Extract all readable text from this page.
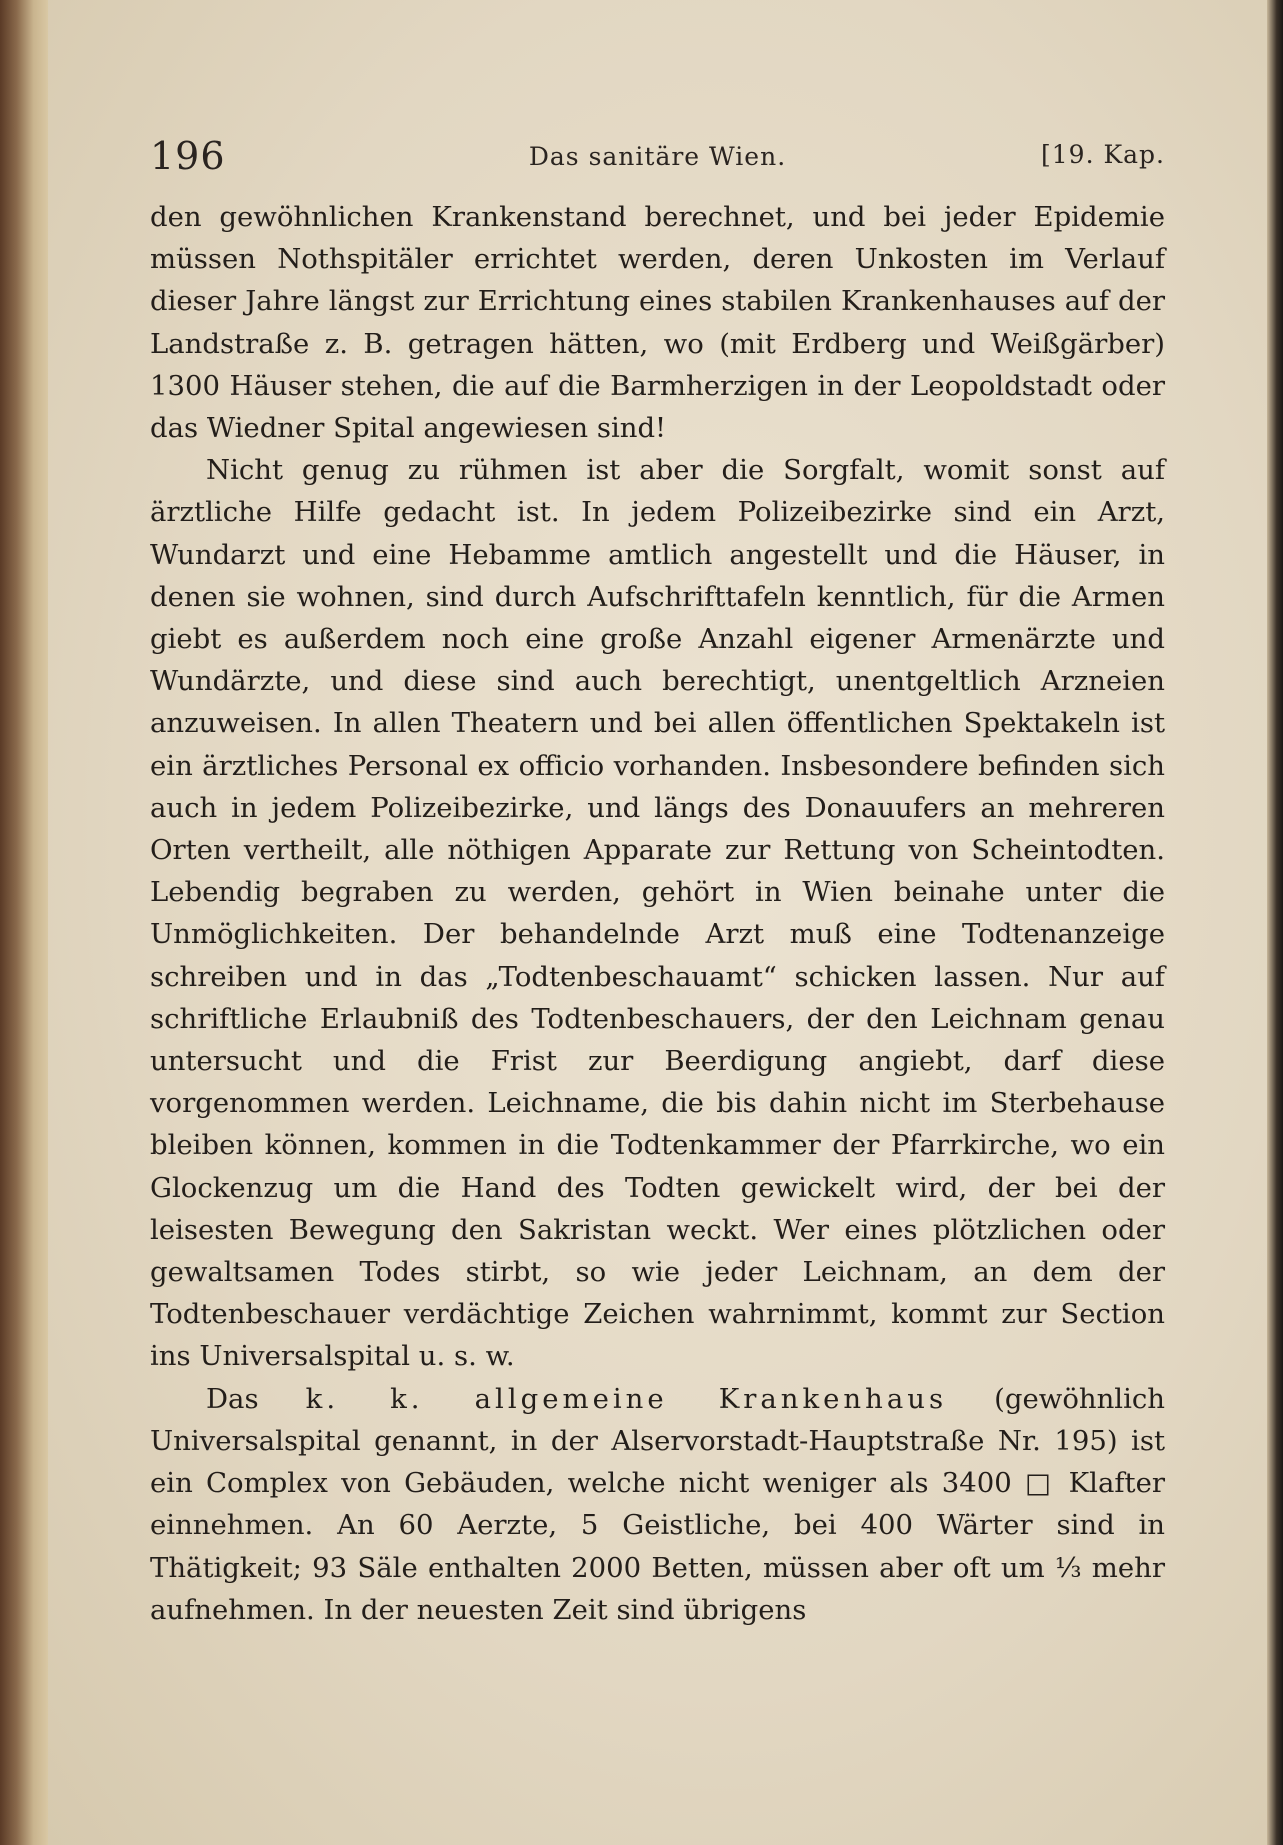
196	Das sanitäre Wien.	[19. Kap.

den gewöhnlichen Krankenstand berechnet, und bei jeder Epidemie müssen Nothspitäler errichtet werden, deren Unkosten im Verlauf dieser Jahre längst zur Errichtung eines stabilen Krankenhauses auf der Landstraße z. B. getragen hätten, wo (mit Erdberg und Weißgärber) 1300 Häuser stehen, die auf die Barmherzigen in der Leopoldstadt oder das Wiedner Spital angewiesen sind!

Nicht genug zu rühmen ist aber die Sorgfalt, womit sonst auf ärztliche Hilfe gedacht ist. In jedem Polizeibezirke sind ein Arzt, Wundarzt und eine Hebamme amtlich angestellt und die Häuser, in denen sie wohnen, sind durch Aufschrifttafeln kenntlich, für die Armen giebt es außerdem noch eine große Anzahl eigener Armenärzte und Wundärzte, und diese sind auch berechtigt, unentgeltlich Arzneien anzuweisen. In allen Theatern und bei allen öffentlichen Spektakeln ist ein ärztliches Personal ex officio vorhanden. Insbesondere befinden sich auch in jedem Polizeibezirke, und längs des Donauufers an mehreren Orten vertheilt, alle nöthigen Apparate zur Rettung von Scheintodten. Lebendig begraben zu werden, gehört in Wien beinahe unter die Unmöglichkeiten. Der behandelnde Arzt muß eine Todtenanzeige schreiben und in das „Todtenbeschauamt“ schicken lassen. Nur auf schriftliche Erlaubniß des Todtenbeschauers, der den Leichnam genau untersucht und die Frist zur Beerdigung angiebt, darf diese vorgenommen werden. Leichname, die bis dahin nicht im Sterbehause bleiben können, kommen in die Todtenkammer der Pfarrkirche, wo ein Glockenzug um die Hand des Todten gewickelt wird, der bei der leisesten Bewegung den Sakristan weckt. Wer eines plötzlichen oder gewaltsamen Todes stirbt, so wie jeder Leichnam, an dem der Todtenbeschauer verdächtige Zeichen wahrnimmt, kommt zur Section ins Universalspital u. s. w.

Das k. k. allgemeine Krankenhaus (gewöhnlich Universalspital genannt, in der Alservorstadt-Hauptstraße Nr. 195) ist ein Complex von Gebäuden, welche nicht weniger als 3400 □ Klafter einnehmen. An 60 Aerzte, 5 Geistliche, bei 400 Wärter sind in Thätigkeit; 93 Säle enthalten 2000 Betten, müssen aber oft um ⅓ mehr aufnehmen. In der neuesten Zeit sind übrigens
